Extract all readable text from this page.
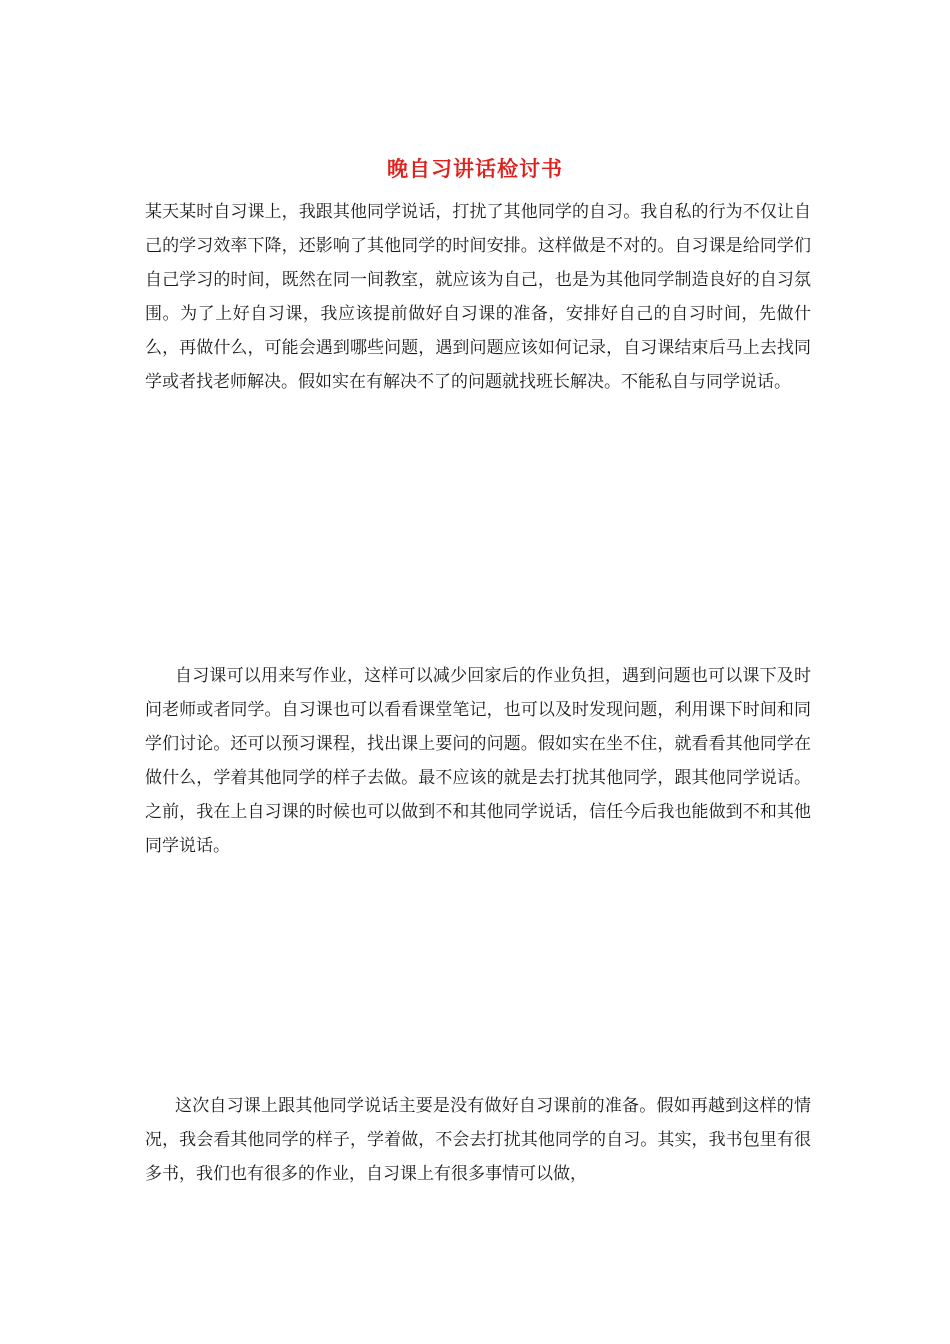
晚自习讲话检讨书

某天某时自习课上，我跟其他同学说话，打扰了其他同学的自习。我自私的行为不仅让自己的学习效率下降，还影响了其他同学的时间安排。这样做是不对的。自习课是给同学们自己学习的时间，既然在同一间教室，就应该为自己，也是为其他同学制造良好的自习氛围。为了上好自习课，我应该提前做好自习课的准备，安排好自己的自习时间，先做什么，再做什么，可能会遇到哪些问题，遇到问题应该如何记录，自习课结束后马上去找同学或者找老师解决。假如实在有解决不了的问题就找班长解决。不能私自与同学说话。

自习课可以用来写作业，这样可以减少回家后的作业负担，遇到问题也可以课下及时问老师或者同学。自习课也可以看看课堂笔记，也可以及时发现问题，利用课下时间和同学们讨论。还可以预习课程，找出课上要问的问题。假如实在坐不住，就看看其他同学在做什么，学着其他同学的样子去做。最不应该的就是去打扰其他同学，跟其他同学说话。之前，我在上自习课的时候也可以做到不和其他同学说话，信任今后我也能做到不和其他同学说话。

这次自习课上跟其他同学说话主要是没有做好自习课前的准备。假如再越到这样的情况，我会看其他同学的样子，学着做，不会去打扰其他同学的自习。其实，我书包里有很多书，我们也有很多的作业，自习课上有很多事情可以做，
